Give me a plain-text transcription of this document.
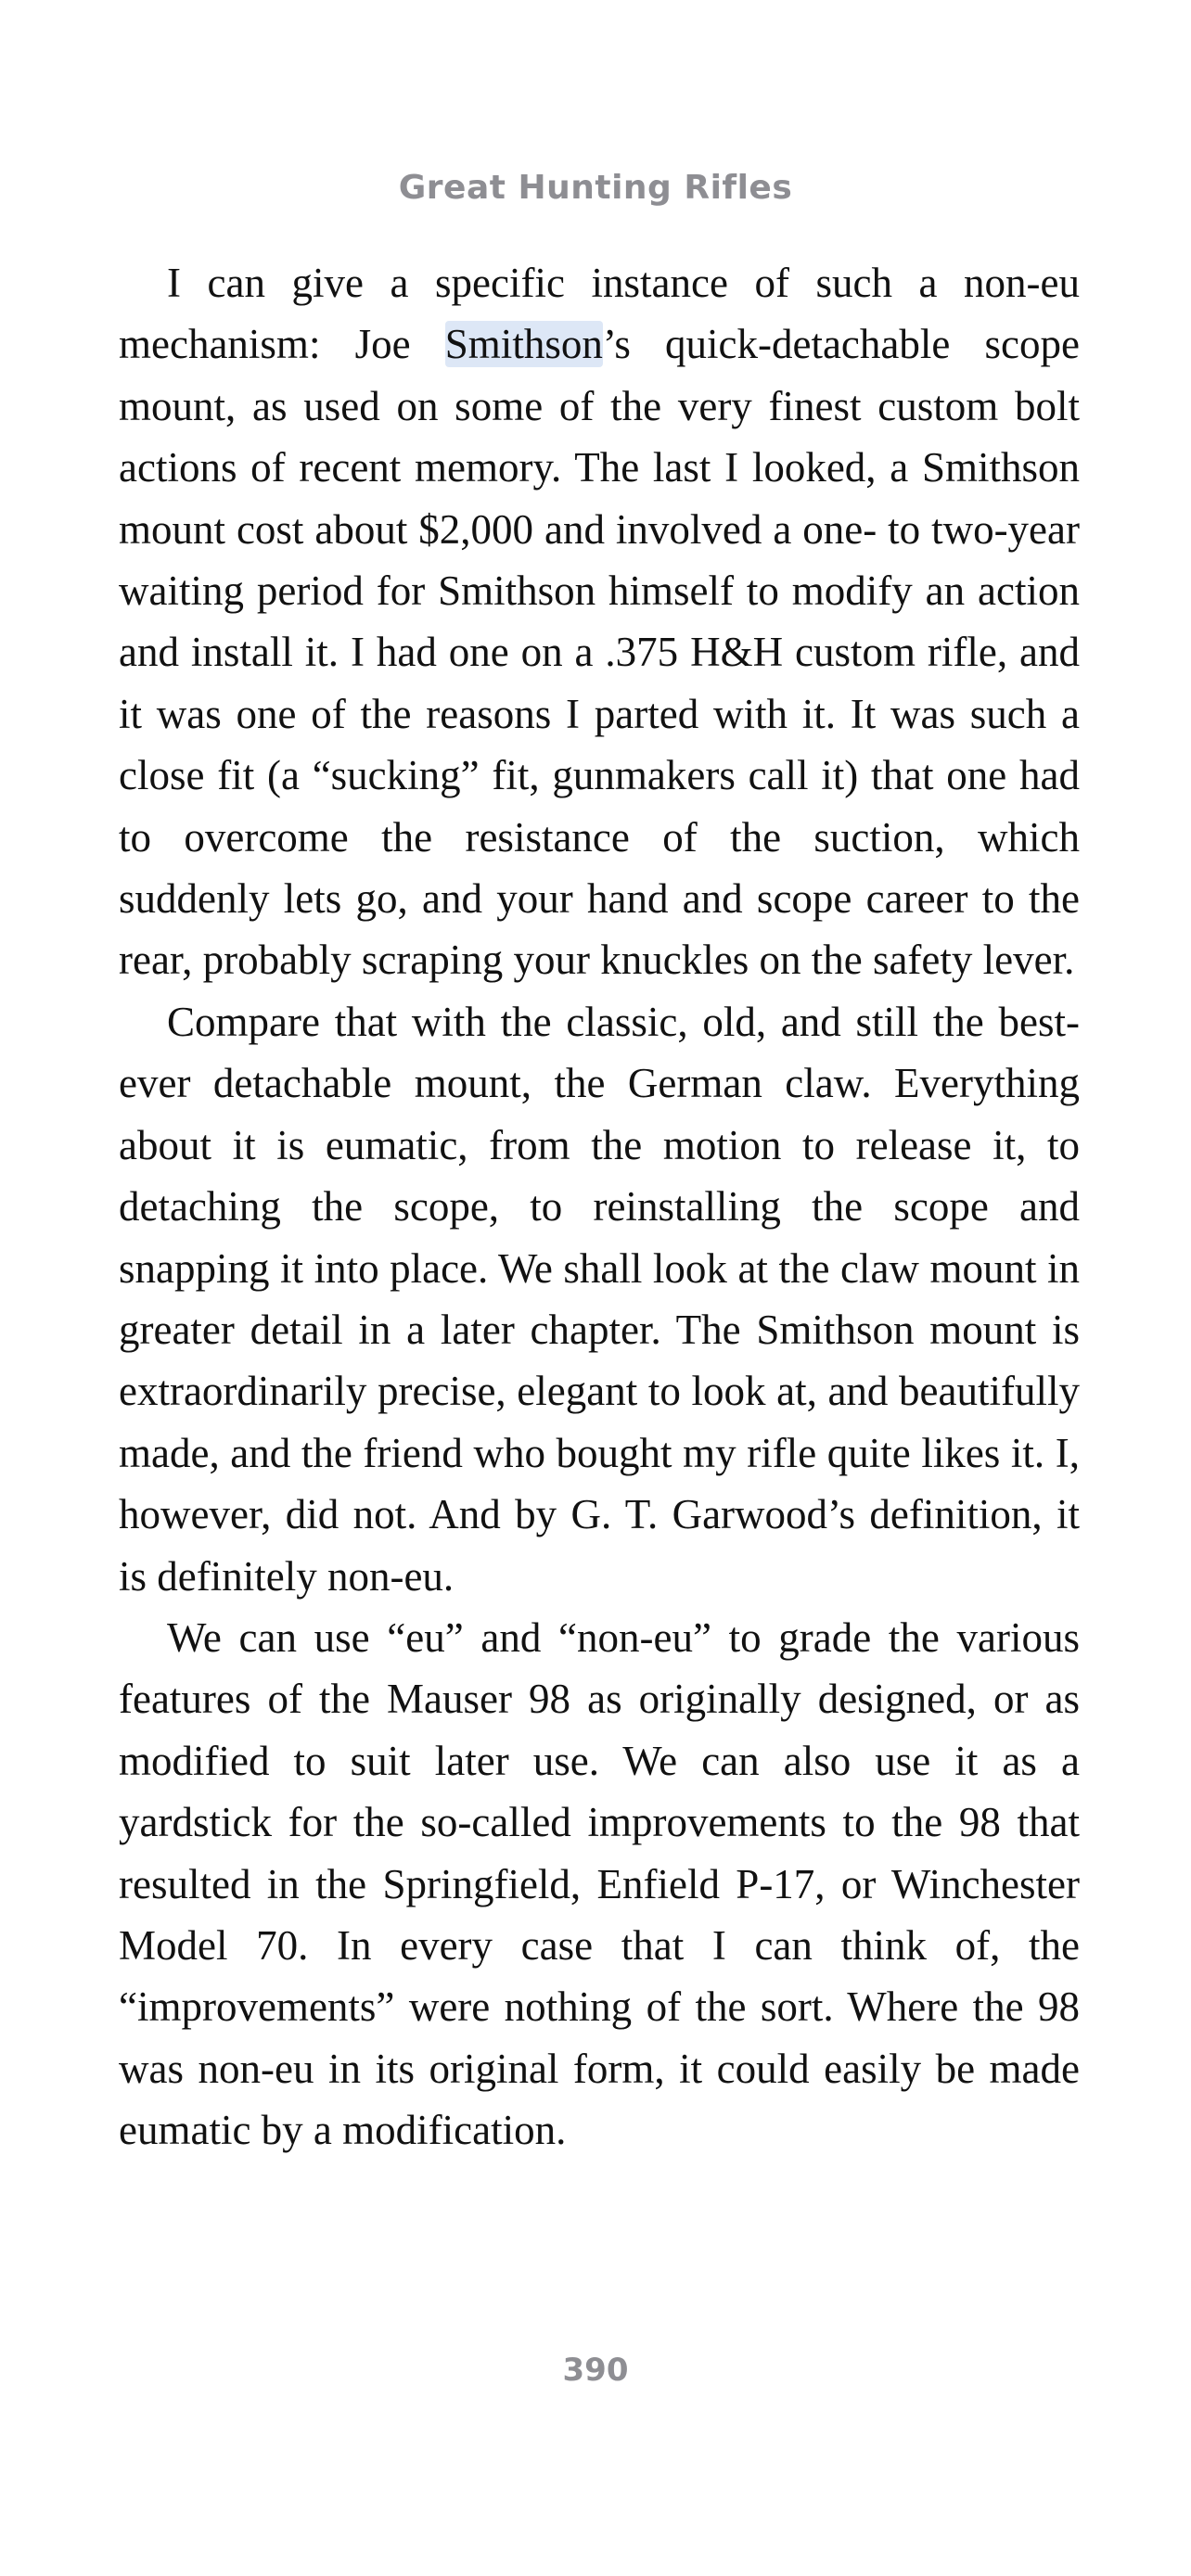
Great Hunting Rifles

I can give a specific instance of such a non-eu mechanism: Joe Smithson’s quick-detachable scope mount, as used on some of the very finest custom bolt actions of recent memory. The last I looked, a Smithson mount cost about $2,000 and involved a one- to two-year waiting period for Smithson himself to modify an action and install it. I had one on a .375 H&H custom rifle, and it was one of the reasons I parted with it. It was such a close fit (a “sucking” fit, gunmakers call it) that one had to overcome the resistance of the suction, which suddenly lets go, and your hand and scope career to the rear, probably scraping your knuckles on the safety lever.

Compare that with the classic, old, and still the best-ever detachable mount, the German claw. Everything about it is eumatic, from the motion to release it, to detaching the scope, to reinstalling the scope and snapping it into place. We shall look at the claw mount in greater detail in a later chapter. The Smithson mount is extraordinarily precise, elegant to look at, and beautifully made, and the friend who bought my rifle quite likes it. I, however, did not. And by G. T. Garwood’s definition, it is definitely non-eu.

We can use “eu” and “non-eu” to grade the various features of the Mauser 98 as originally designed, or as modified to suit later use. We can also use it as a yardstick for the so-called improvements to the 98 that resulted in the Springfield, Enfield P-17, or Winchester Model 70. In every case that I can think of, the “improvements” were nothing of the sort. Where the 98 was non-eu in its original form, it could easily be made eumatic by a modification.

390
